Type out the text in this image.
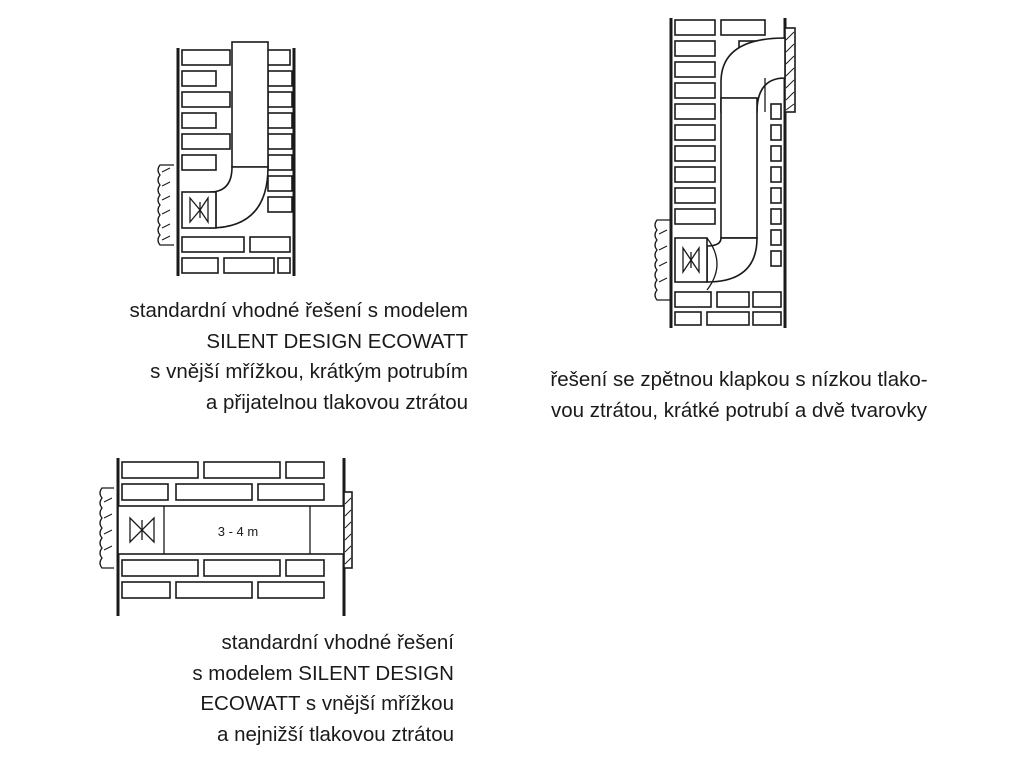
standardní vhodné řešení s modelem
SILENT DESIGN ECOWATT
s vnější mřížkou, krátkým potrubím
a přijatelnou tlakovou ztrátou
řešení se zpětnou klapkou s nízkou tlako-
vou ztrátou, krátké potrubí a dvě tvarovky
3 - 4 m
standardní vhodné řešení
s modelem SILENT DESIGN
ECOWATT s vnější mřížkou
a nejnižší tlakovou ztrátou
